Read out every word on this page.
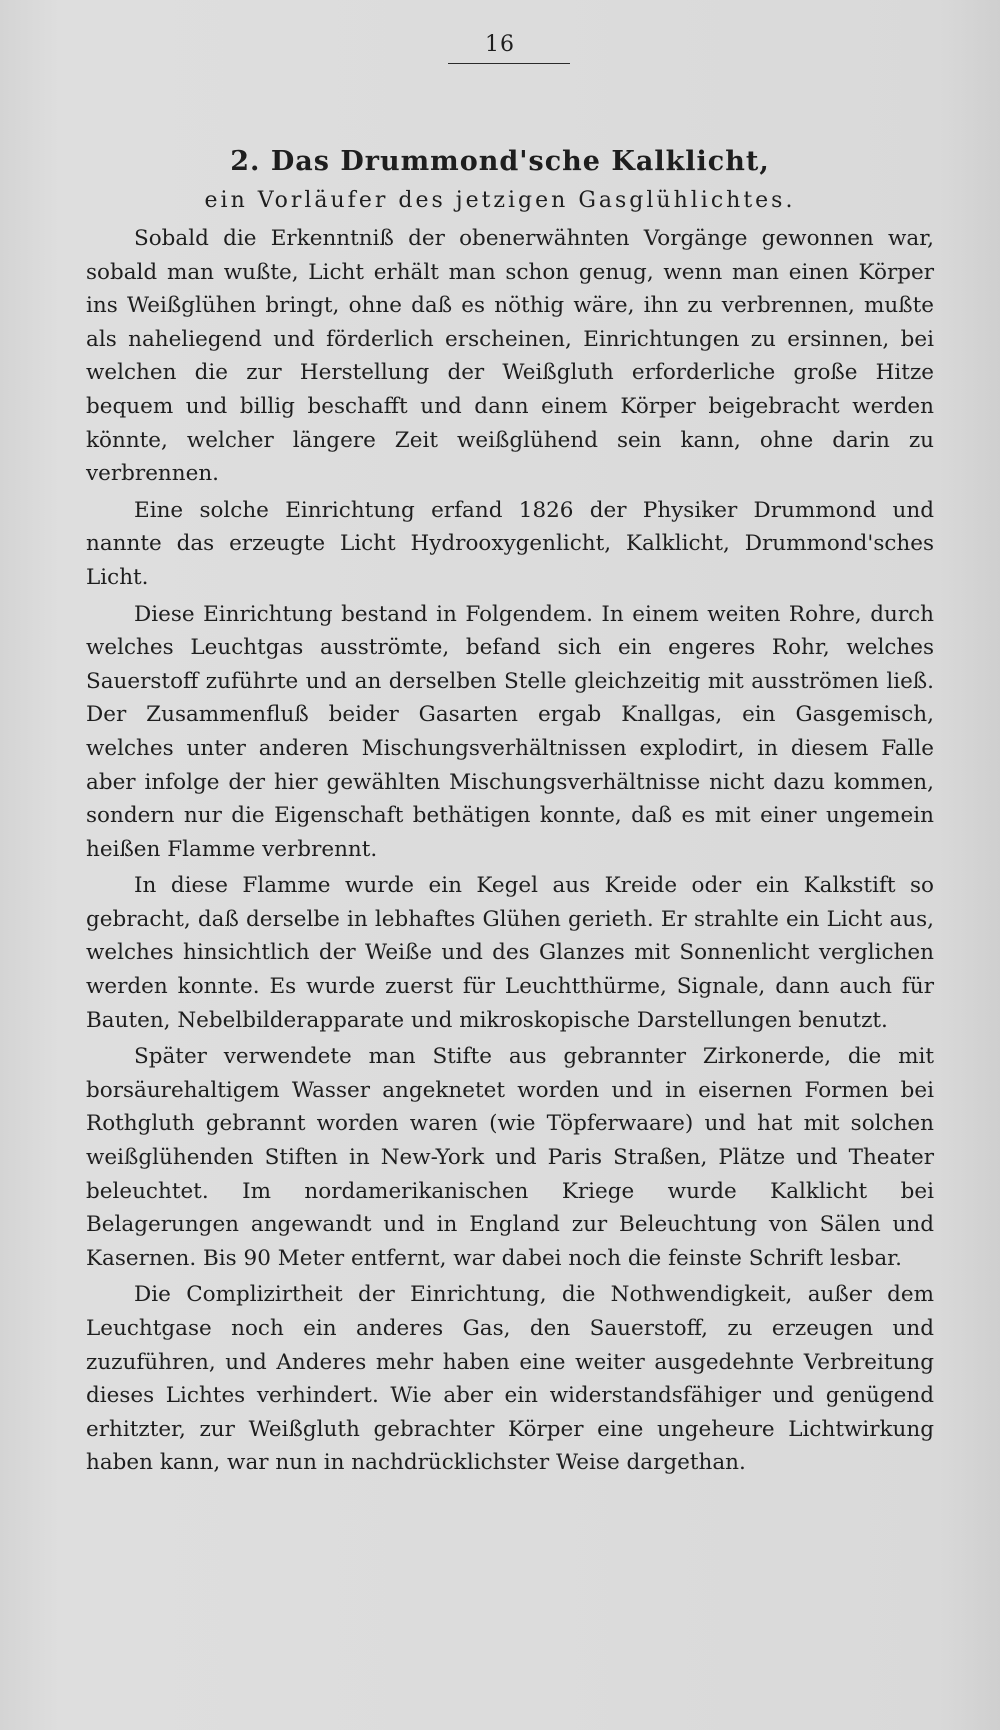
16
2. Das Drummond'sche Kalklicht,
ein Vorläufer des jetzigen Gasglühlichtes.

Sobald die Erkenntniß der obenerwähnten Vorgänge gewonnen war, sobald man wußte, Licht erhält man schon genug, wenn man einen Körper ins Weißglühen bringt, ohne daß es nöthig wäre, ihn zu verbrennen, mußte als naheliegend und förderlich erscheinen, Einrichtungen zu ersinnen, bei welchen die zur Herstellung der Weißgluth erforderliche große Hitze bequem und billig beschafft und dann einem Körper beigebracht werden könnte, welcher längere Zeit weißglühend sein kann, ohne darin zu verbrennen.

Eine solche Einrichtung erfand 1826 der Physiker Drummond und nannte das erzeugte Licht Hydrooxygenlicht, Kalklicht, Drummond'sches Licht.

Diese Einrichtung bestand in Folgendem. In einem weiten Rohre, durch welches Leuchtgas ausströmte, befand sich ein engeres Rohr, welches Sauerstoff zuführte und an derselben Stelle gleichzeitig mit ausströmen ließ. Der Zusammenfluß beider Gasarten ergab Knallgas, ein Gasgemisch, welches unter anderen Mischungsverhältnissen explodirt, in diesem Falle aber infolge der hier gewählten Mischungsverhältnisse nicht dazu kommen, sondern nur die Eigenschaft bethätigen konnte, daß es mit einer ungemein heißen Flamme verbrennt.

In diese Flamme wurde ein Kegel aus Kreide oder ein Kalkstift so gebracht, daß derselbe in lebhaftes Glühen gerieth. Er strahlte ein Licht aus, welches hinsichtlich der Weiße und des Glanzes mit Sonnenlicht verglichen werden konnte. Es wurde zuerst für Leuchtthürme, Signale, dann auch für Bauten, Nebelbilderapparate und mikroskopische Darstellungen benutzt.

Später verwendete man Stifte aus gebrannter Zirkonerde, die mit borsäurehaltigem Wasser angeknetet worden und in eisernen Formen bei Rothgluth gebrannt worden waren (wie Töpferwaare) und hat mit solchen weißglühenden Stiften in New-York und Paris Straßen, Plätze und Theater beleuchtet. Im nordamerikanischen Kriege wurde Kalklicht bei Belagerungen angewandt und in England zur Beleuchtung von Sälen und Kasernen. Bis 90 Meter entfernt, war dabei noch die feinste Schrift lesbar.

Die Complizirtheit der Einrichtung, die Nothwendigkeit, außer dem Leuchtgase noch ein anderes Gas, den Sauerstoff, zu erzeugen und zuzuführen, und Anderes mehr haben eine weiter ausgedehnte Verbreitung dieses Lichtes verhindert. Wie aber ein widerstandsfähiger und genügend erhitzter, zur Weißgluth gebrachter Körper eine ungeheure Lichtwirkung haben kann, war nun in nachdrücklichster Weise dargethan.
